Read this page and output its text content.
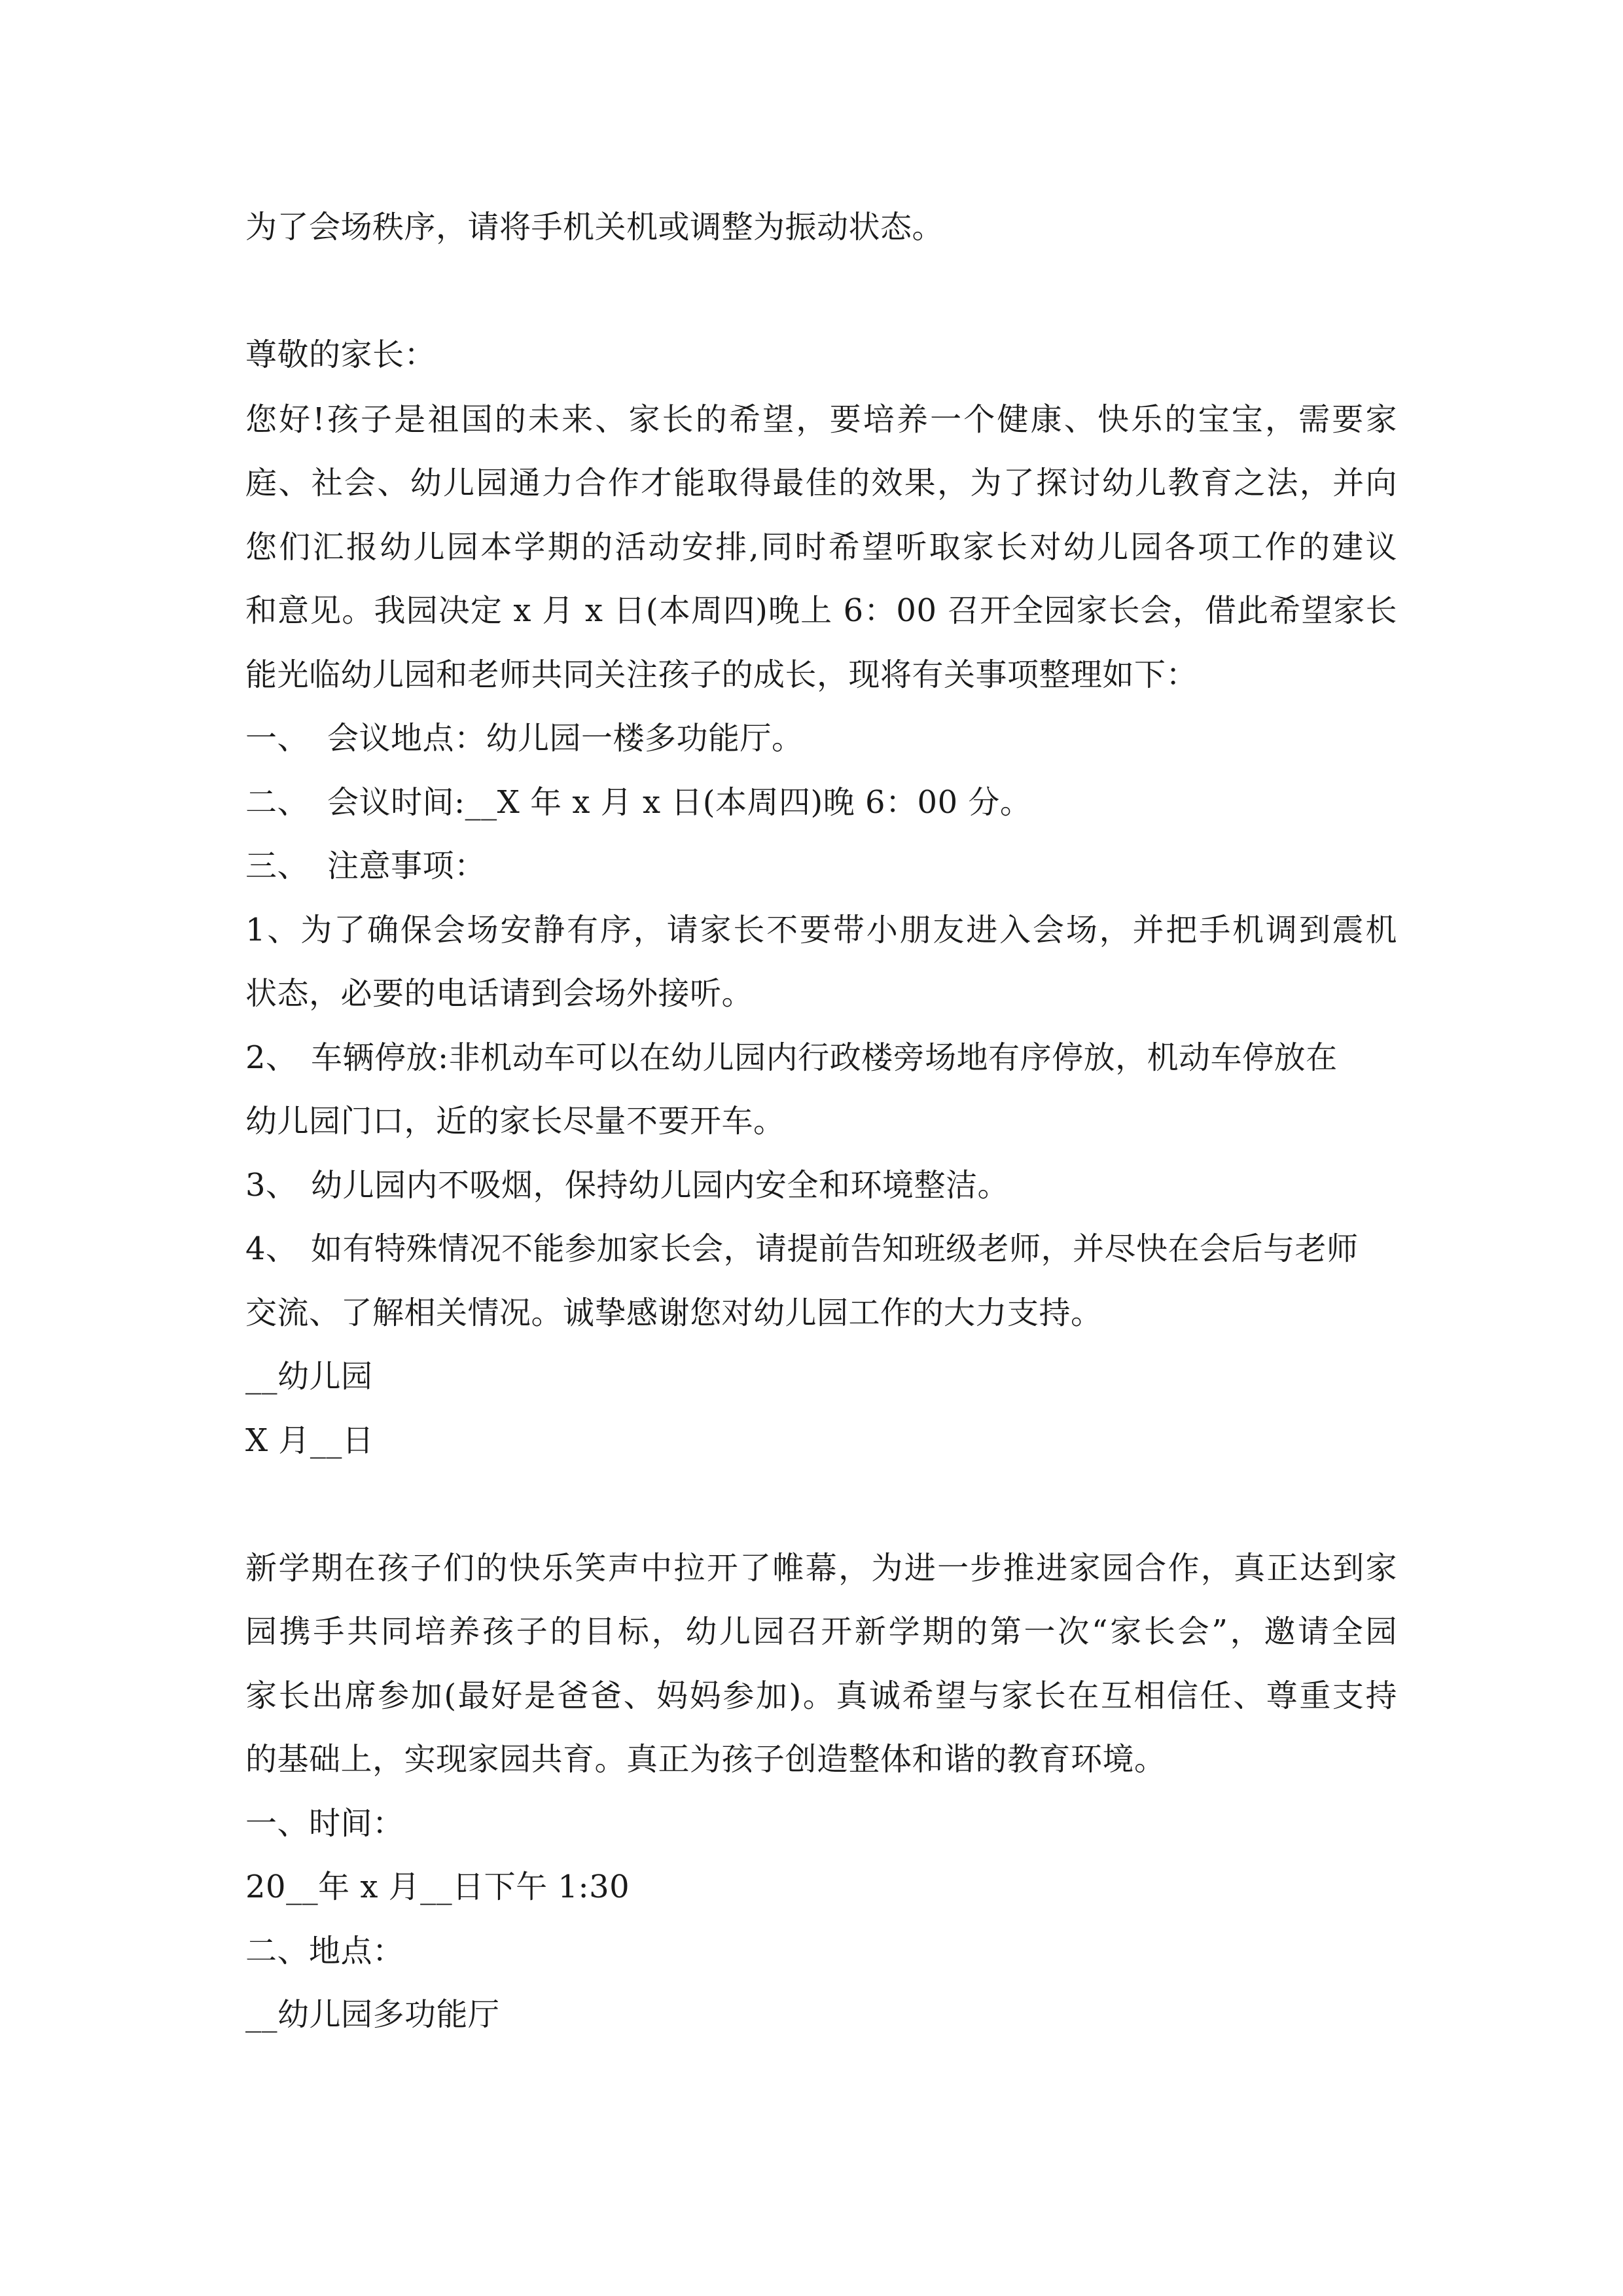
为了会场秩序，请将手机关机或调整为振动状态。
尊敬的家长：
您好!孩子是祖国的未来、家长的希望，要培养一个健康、快乐的宝宝，需要家
庭、社会、幼儿园通力合作才能取得最佳的效果，为了探讨幼儿教育之法，并向
您们汇报幼儿园本学期的活动安排,同时希望听取家长对幼儿园各项工作的建议
和意见。我园决定 x 月 x 日(本周四)晚上 6：00 召开全园家长会，借此希望家长
能光临幼儿园和老师共同关注孩子的成长，现将有关事项整理如下：
一、 会议地点：幼儿园一楼多功能厅。
二、 会议时间:__X 年 x 月 x 日(本周四)晚 6：00 分。
三、 注意事项：
1、为了确保会场安静有序，请家长不要带小朋友进入会场，并把手机调到震机
状态，必要的电话请到会场外接听。
2、 车辆停放:非机动车可以在幼儿园内行政楼旁场地有序停放，机动车停放在
幼儿园门口，近的家长尽量不要开车。
3、 幼儿园内不吸烟，保持幼儿园内安全和环境整洁。
4、 如有特殊情况不能参加家长会，请提前告知班级老师，并尽快在会后与老师
交流、了解相关情况。诚挚感谢您对幼儿园工作的大力支持。
__幼儿园
X 月__日
新学期在孩子们的快乐笑声中拉开了帷幕，为进一步推进家园合作，真正达到家
园携手共同培养孩子的目标，幼儿园召开新学期的第一次“家长会”，邀请全园
家长出席参加(最好是爸爸、妈妈参加)。真诚希望与家长在互相信任、尊重支持
的基础上，实现家园共育。真正为孩子创造整体和谐的教育环境。
一、时间：
20__年 x 月__日下午 1:30
二、地点：
__幼儿园多功能厅
